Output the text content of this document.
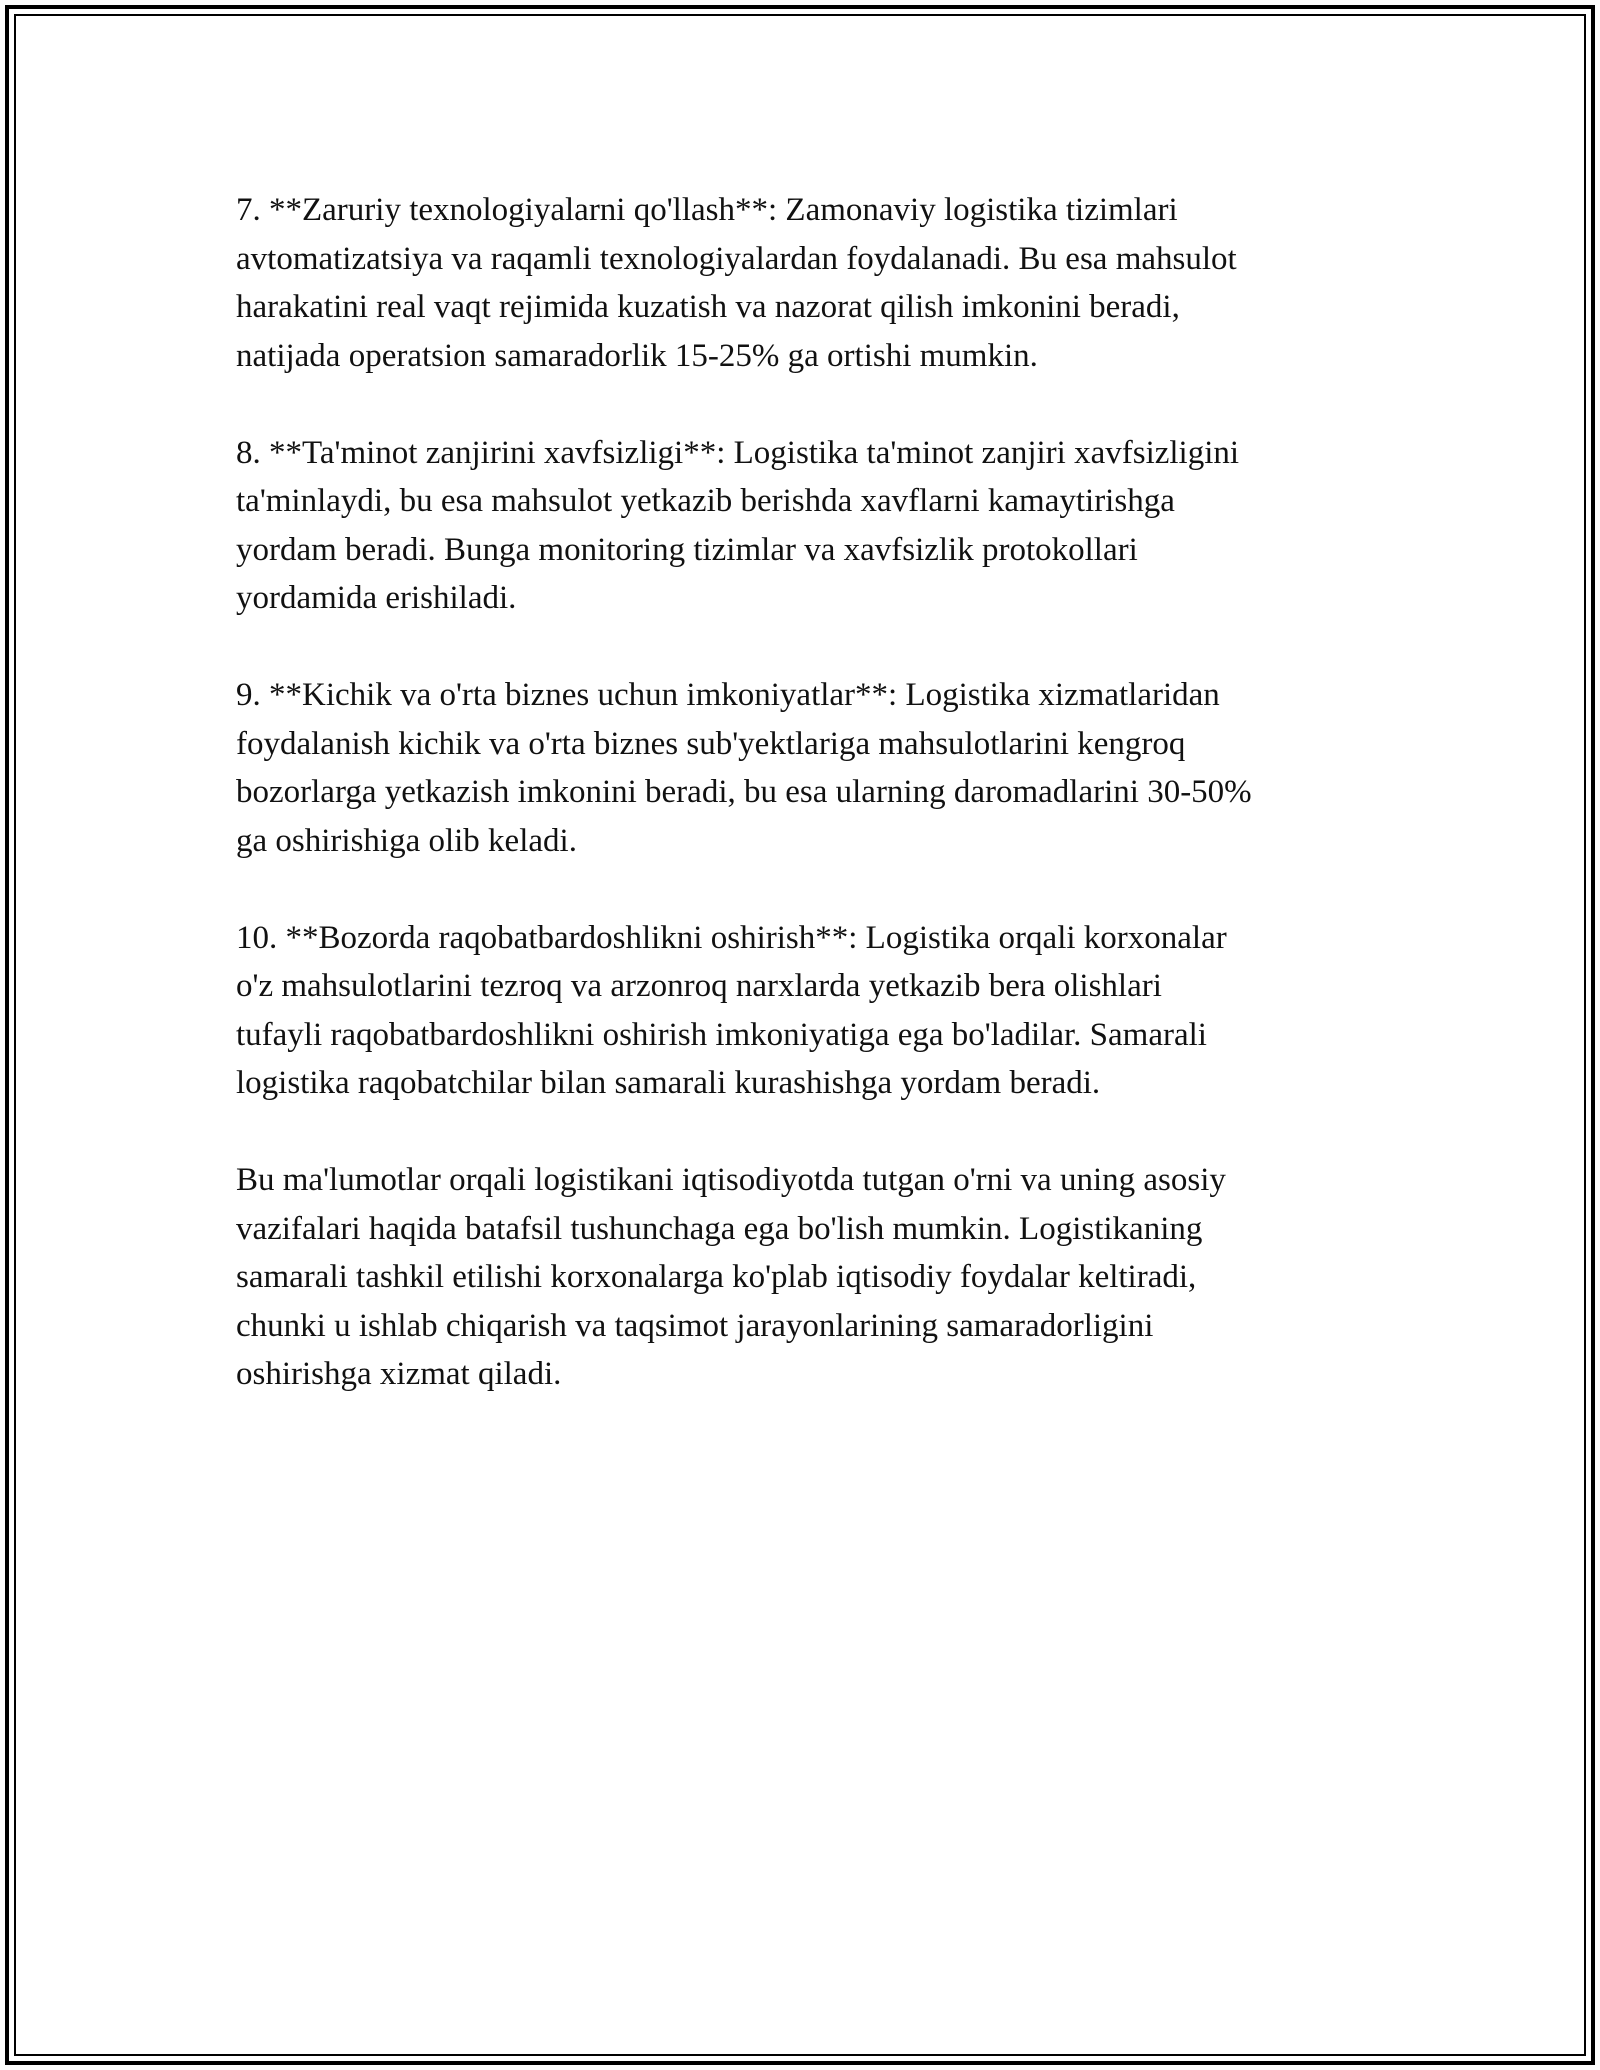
7. **Zaruriy texnologiyalarni qo'llash**: Zamonaviy logistika tizimlari
avtomatizatsiya va raqamli texnologiyalardan foydalanadi. Bu esa mahsulot
harakatini real vaqt rejimida kuzatish va nazorat qilish imkonini beradi,
natijada operatsion samaradorlik 15-25% ga ortishi mumkin.

8. **Ta'minot zanjirini xavfsizligi**: Logistika ta'minot zanjiri xavfsizligini
ta'minlaydi, bu esa mahsulot yetkazib berishda xavflarni kamaytirishga
yordam beradi. Bunga monitoring tizimlar va xavfsizlik protokollari
yordamida erishiladi.

9. **Kichik va o'rta biznes uchun imkoniyatlar**: Logistika xizmatlaridan
foydalanish kichik va o'rta biznes sub'yektlariga mahsulotlarini kengroq
bozorlarga yetkazish imkonini beradi, bu esa ularning daromadlarini 30-50%
ga oshirishiga olib keladi.

10. **Bozorda raqobatbardoshlikni oshirish**: Logistika orqali korxonalar
o'z mahsulotlarini tezroq va arzonroq narxlarda yetkazib bera olishlari
tufayli raqobatbardoshlikni oshirish imkoniyatiga ega bo'ladilar. Samarali
logistika raqobatchilar bilan samarali kurashishga yordam beradi.

Bu ma'lumotlar orqali logistikani iqtisodiyotda tutgan o'rni va uning asosiy
vazifalari haqida batafsil tushunchaga ega bo'lish mumkin. Logistikaning
samarali tashkil etilishi korxonalarga ko'plab iqtisodiy foydalar keltiradi,
chunki u ishlab chiqarish va taqsimot jarayonlarining samaradorligini
oshirishga xizmat qiladi.
